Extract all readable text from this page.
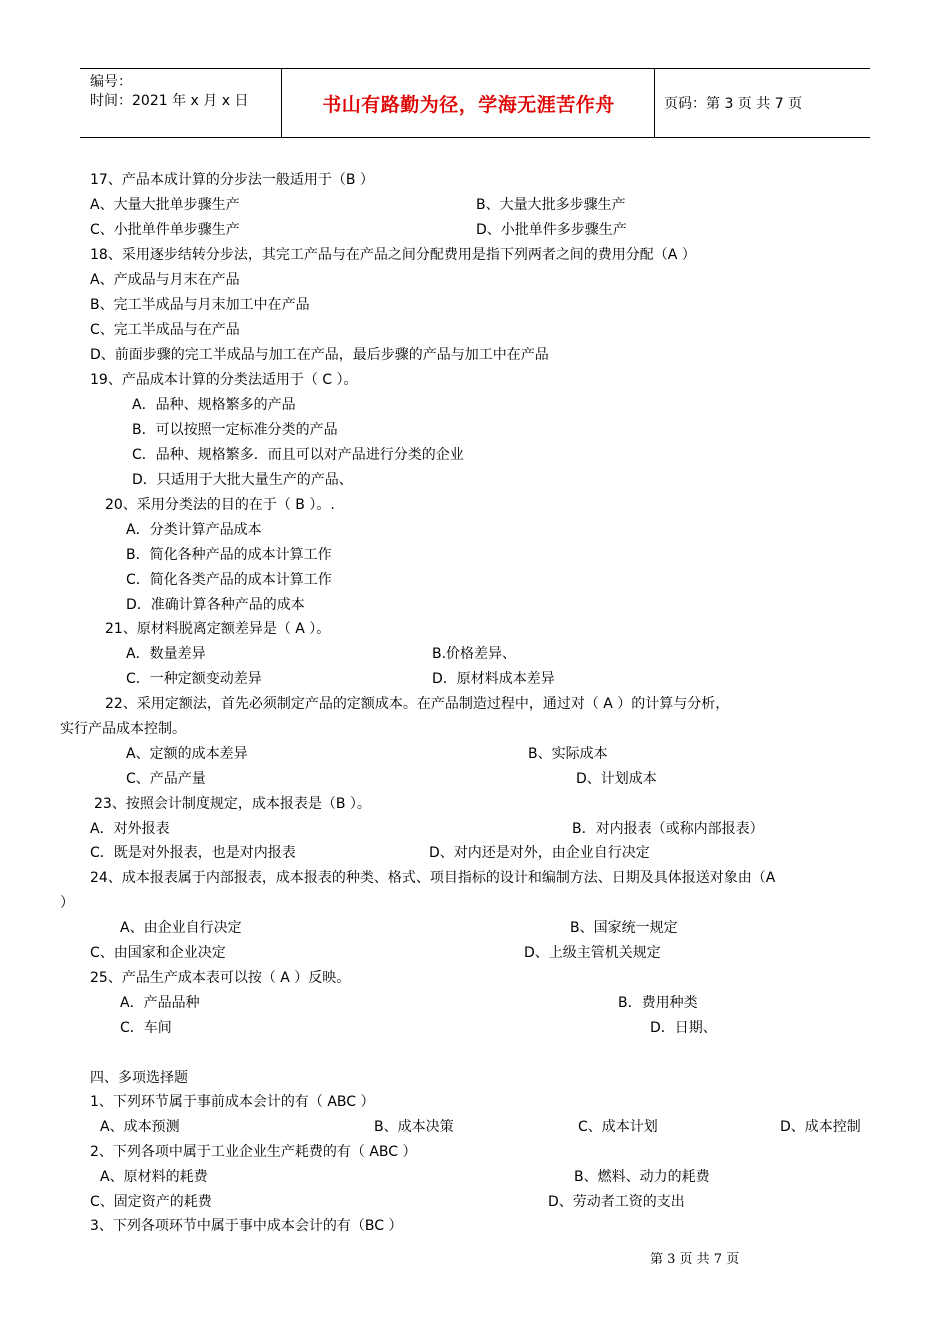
编号：
时间：2021 年 x 月 x 日	书山有路勤为径，学海无涯苦作舟	页码：第 3 页 共 7 页
17、产品本成计算的分步法一般适用于（B ）
A、大量大批单步骤生产	B、大量大批多步骤生产
C、小批单件单步骤生产	D、小批单件多步骤生产
18、采用逐步结转分步法，其完工产品与在产品之间分配费用是指下列两者之间的费用分配（A ）
A、产成品与月末在产品
B、完工半成品与月末加工中在产品
C、完工半成品与在产品
D、前面步骤的完工半成品与加工在产品，最后步骤的产品与加工中在产品
19、产品成本计算的分类法适用于（ C ）。
A．品种、规格繁多的产品
B．可以按照一定标准分类的产品
C．品种、规格繁多．而且可以对产品进行分类的企业
D．只适用于大批大量生产的产品、
20、采用分类法的目的在于（ B ）。.
A．分类计算产品成本
B．简化各种产品的成本计算工作
C．简化各类产品的成本计算工作
D．准确计算各种产品的成本
21、原材料脱离定额差异是（ A ）。
A．数量差异	B.价格差异、
C．一种定额变动差异	D．原材料成本差异
22、采用定额法，首先必须制定产品的定额成本。在产品制造过程中，通过对（ A ）的计算与分析，
实行产品成本控制。
A、定额的成本差异	B、实际成本
C、产品产量	D、计划成本
23、按照会计制度规定，成本报表是（B ）。
A．对外报表	B．对内报表（或称内部报表）
C．既是对外报表，也是对内报表	D、对内还是对外，由企业自行决定
24、成本报表属于内部报表，成本报表的种类、格式、项目指标的设计和编制方法、日期及具体报送对象由（A
）
A、由企业自行决定	B、国家统一规定
C、由国家和企业决定	D、上级主管机关规定
25、产品生产成本表可以按（ A ）反映。
A．产品品种	B．费用种类
C．车间	D．日期、
四、多项选择题
1、下列环节属于事前成本会计的有（ ABC ）
A、成本预测	B、成本决策	C、成本计划	D、成本控制
2、下列各项中属于工业企业生产耗费的有（ ABC ）
A、原材料的耗费	B、燃料、动力的耗费
C、固定资产的耗费	D、劳动者工资的支出
3、下列各项环节中属于事中成本会计的有（BC ）
第 3 页 共 7 页
